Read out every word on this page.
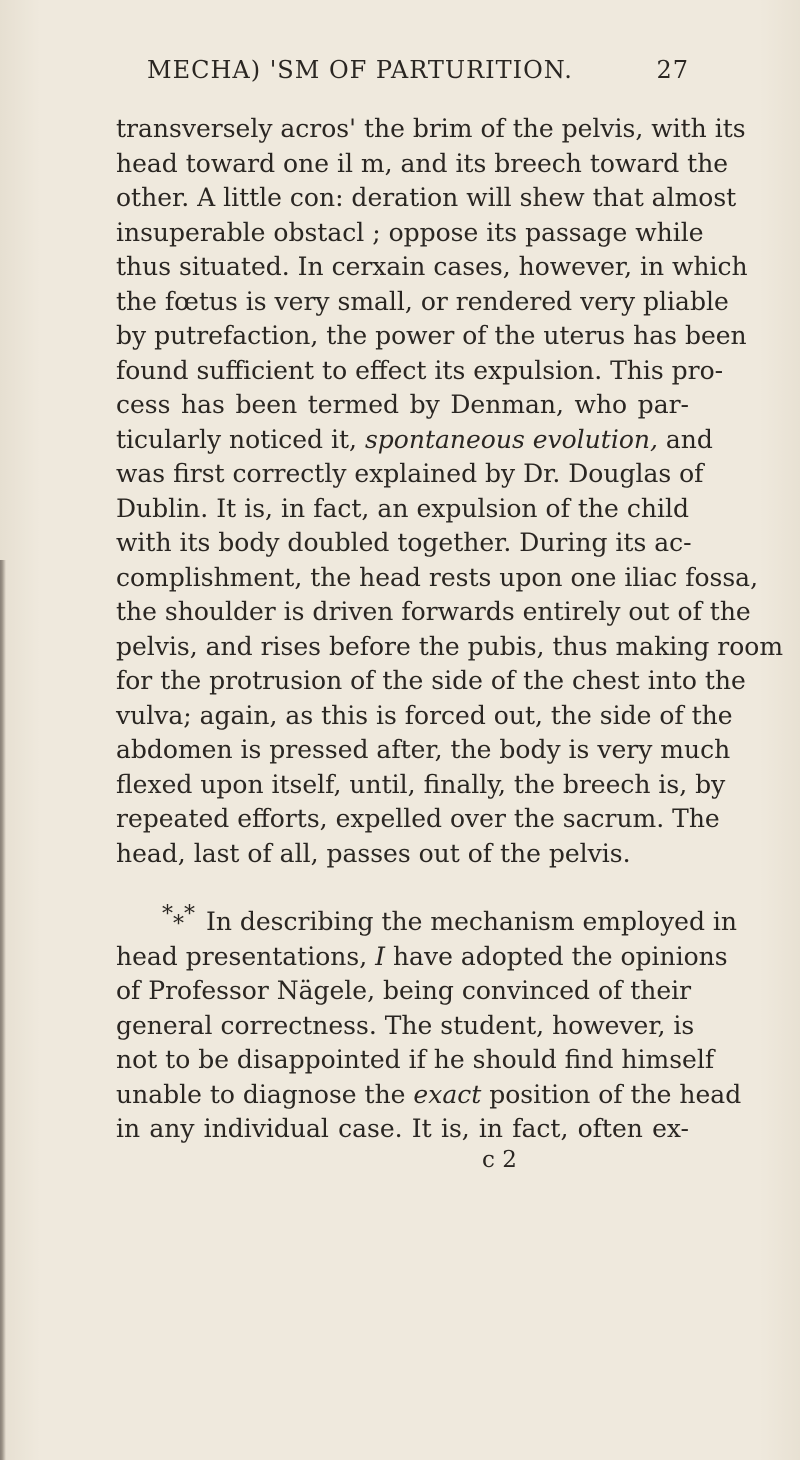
MECHA) 'SM OF PARTURITION.	27
transversely acros' the brim of the pelvis, with its
head toward one il m, and its breech toward the
other. A little con: deration will shew that almost
insuperable obstacl ; oppose its passage while
thus situated. In cerxain cases, however, in which
the fœtus is very small, or rendered very pliable
by putrefaction, the power of the uterus has been
found sufficient to effect its expulsion. This pro-
cess has been termed by Denman, who par-
ticularly noticed it, spontaneous evolution, and
was first correctly explained by Dr. Douglas of
Dublin. It is, in fact, an expulsion of the child
with its body doubled together. During its ac-
complishment, the head rests upon one iliac fossa,
the shoulder is driven forwards entirely out of the
pelvis, and rises before the pubis, thus making room
for the protrusion of the side of the chest into the
vulva; again, as this is forced out, the side of the
abdomen is pressed after, the body is very much
flexed upon itself, until, finally, the breech is, by
repeated efforts, expelled over the sacrum. The
head, last of all, passes out of the pelvis.
* * * In describing the mechanism employed in
head presentations, I have adopted the opinions
of Professor Nägele, being convinced of their
general correctness. The student, however, is
not to be disappointed if he should find himself
unable to diagnose the exact position of the head
in any individual case. It is, in fact, often ex-
c 2
